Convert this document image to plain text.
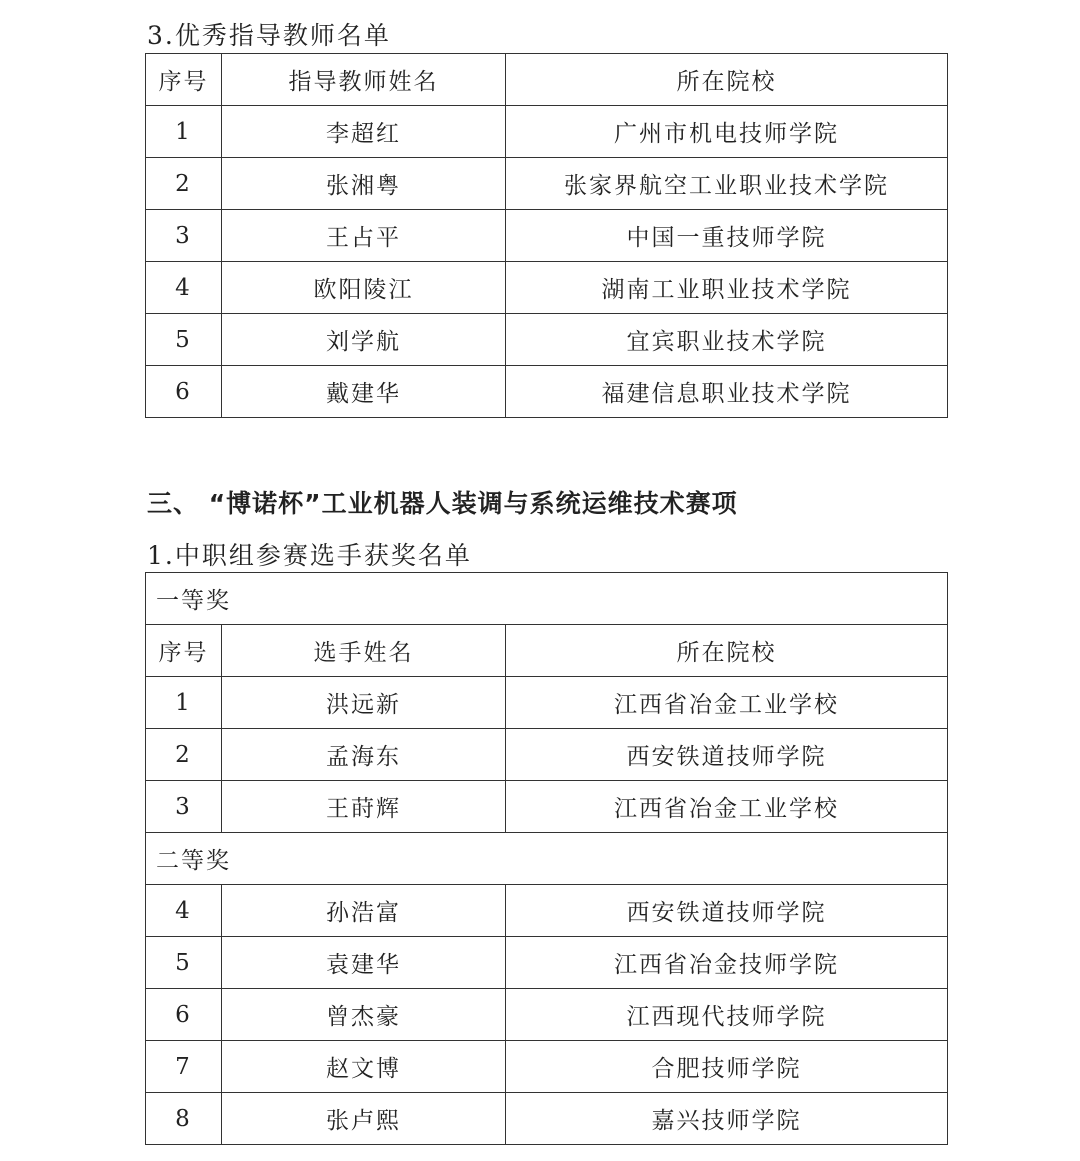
3.优秀指导教师名单
序号	指导教师姓名	所在院校
1	李超红	广州市机电技师学院
2	张湘粤	张家界航空工业职业技术学院
3	王占平	中国一重技师学院
4	欧阳陵江	湖南工业职业技术学院
5	刘学航	宜宾职业技术学院
6	戴建华	福建信息职业技术学院
三、 “博诺杯”工业机器人装调与系统运维技术赛项
1.中职组参赛选手获奖名单
一等奖		
序号	选手姓名	所在院校
1	洪远新	江西省冶金工业学校
2	孟海东	西安铁道技师学院
3	王莳辉	江西省冶金工业学校
二等奖		
4	孙浩富	西安铁道技师学院
5	袁建华	江西省冶金技师学院
6	曾杰豪	江西现代技师学院
7	赵文博	合肥技师学院
8	张卢熙	嘉兴技师学院
